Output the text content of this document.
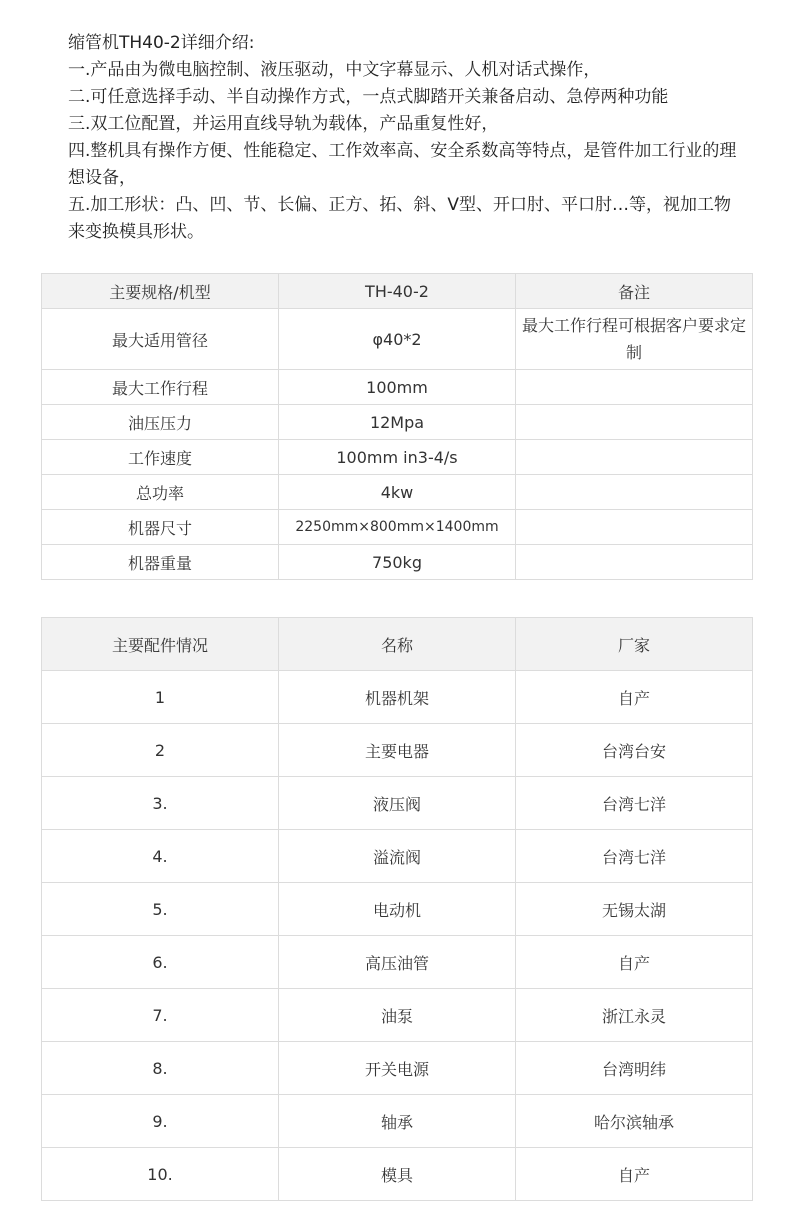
缩管机TH40-2详细介绍:

一.产品由为微电脑控制、液压驱动，中文字幕显示、人机对话式操作，

二.可任意选择手动、半自动操作方式，一点式脚踏开关兼备启动、急停两种功能

三.双工位配置，并运用直线导轨为载体，产品重复性好，

四.整机具有操作方便、性能稳定、工作效率高、安全系数高等特点，是管件加工行业的理想设备，

五.加工形状：凸、凹、节、长偏、正方、拓、斜、V型、开口肘、平口肘…等，视加工物来变换模具形状。

主要规格/机型	TH-40-2	备注
最大适用管径	φ40*2	最大工作行程可根据客户要求定制
最大工作行程	100mm	
油压压力	12Mpa	
工作速度	100mm in3-4/s	
总功率	4kw	
机器尺寸	2250mm×800mm×1400mm	
机器重量	750kg	
主要配件情况	名称	厂家
1	机器机架	自产
2	主要电器	台湾台安
3.	液压阀	台湾七洋
4.	溢流阀	台湾七洋
5.	电动机	无锡太湖
6.	高压油管	自产
7.	油泵	浙江永灵
8.	开关电源	台湾明纬
9.	轴承	哈尔滨轴承
10.	模具	自产
